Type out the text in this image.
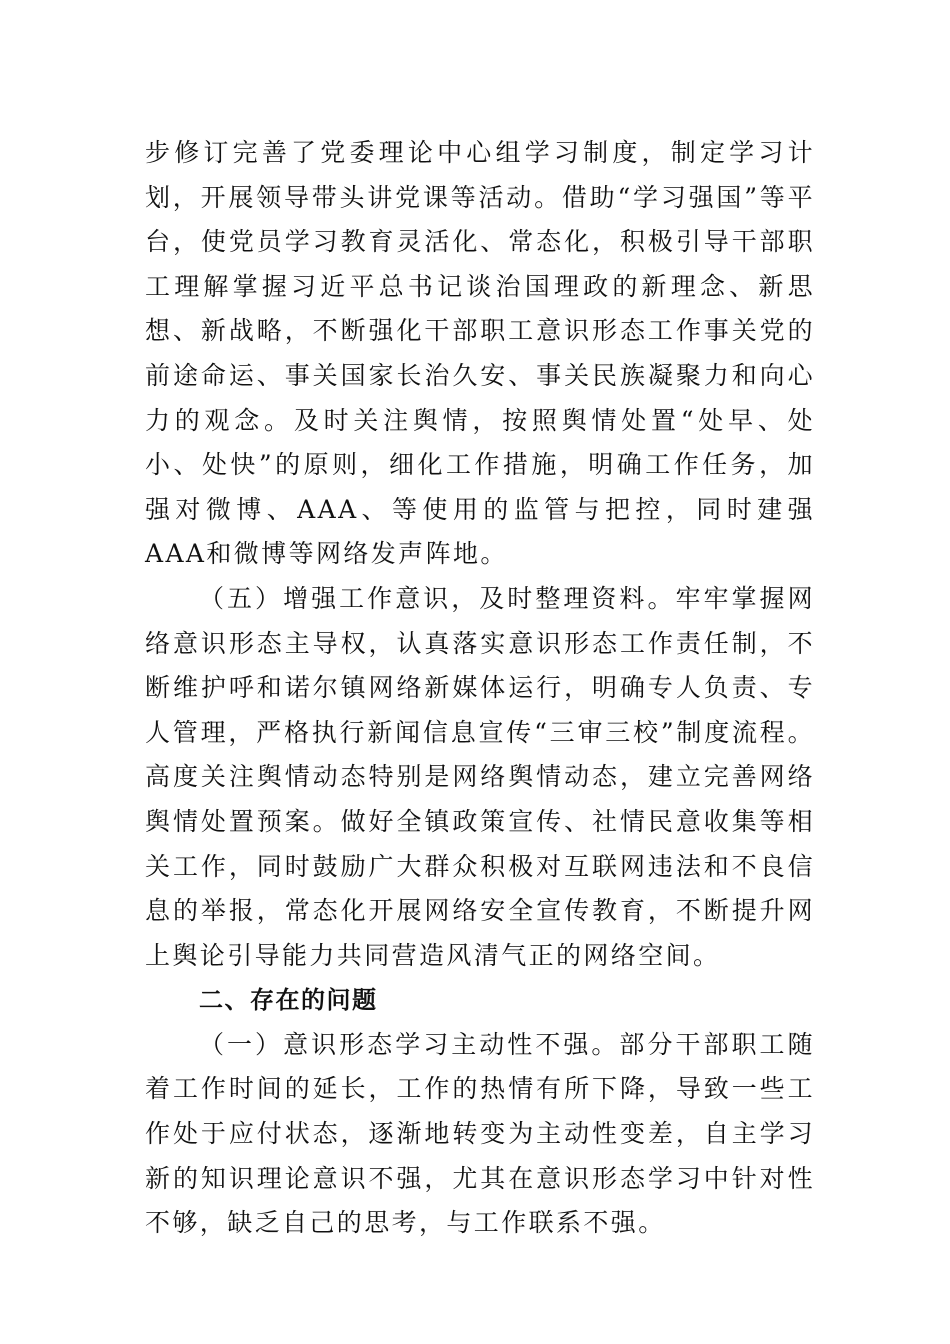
步修订完善了党委理论中心组学习制度，制定学习计划，开展领导带头讲党课等活动。借助“学习强国”等平台，使党员学习教育灵活化、常态化，积极引导干部职工理解掌握习近平总书记谈治国理政的新理念、新思想、新战略，不断强化干部职工意识形态工作事关党的前途命运、事关国家长治久安、事关民族凝聚力和向心力的观念。及时关注舆情，按照舆情处置“处早、处小、处快”的原则，细化工作措施，明确工作任务，加强对微博、AAA、等使用的监管与把控，同时建强AAA和微博等网络发声阵地。

（五）增强工作意识，及时整理资料。牢牢掌握网络意识形态主导权，认真落实意识形态工作责任制，不断维护呼和诺尔镇网络新媒体运行，明确专人负责、专人管理，严格执行新闻信息宣传“三审三校”制度流程。高度关注舆情动态特别是网络舆情动态，建立完善网络舆情处置预案。做好全镇政策宣传、社情民意收集等相关工作，同时鼓励广大群众积极对互联网违法和不良信息的举报，常态化开展网络安全宣传教育，不断提升网上舆论引导能力共同营造风清气正的网络空间。

二、存在的问题

（一）意识形态学习主动性不强。部分干部职工随着工作时间的延长，工作的热情有所下降，导致一些工作处于应付状态，逐渐地转变为主动性变差，自主学习新的知识理论意识不强，尤其在意识形态学习中针对性不够，缺乏自己的思考，与工作联系不强。
